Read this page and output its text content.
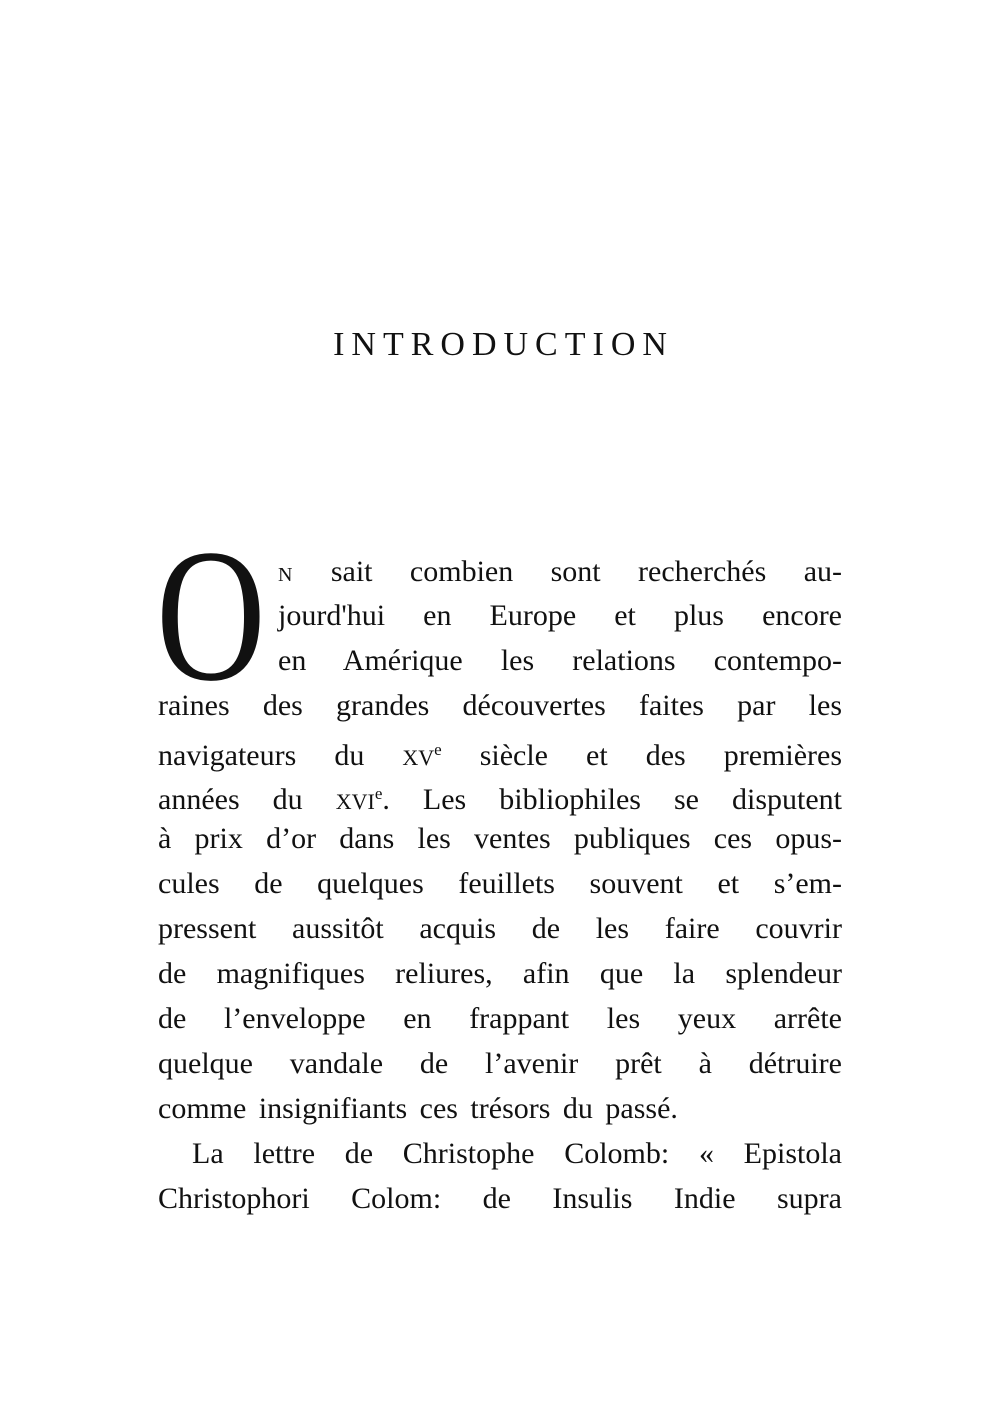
INTRODUCTION
O N sait combien sont recherchés au-
jourd'hui en Europe et plus encore
en Amérique les relations contempo-
raines des grandes découvertes faites par les
navigateurs du XVe siècle et des premières
années du XVIe. Les bibliophiles se disputent
à prix d’or dans les ventes publiques ces opus-
cules de quelques feuillets souvent et s’em-
pressent aussitôt acquis de les faire couvrir
de magnifiques reliures, afin que la splendeur
de l’enveloppe en frappant les yeux arrête
quelque vandale de l’avenir prêt à détruire
comme insignifiants ces trésors du passé.
La lettre de Christophe Colomb: « Epistola
Christophori Colom: de Insulis Indie supra
